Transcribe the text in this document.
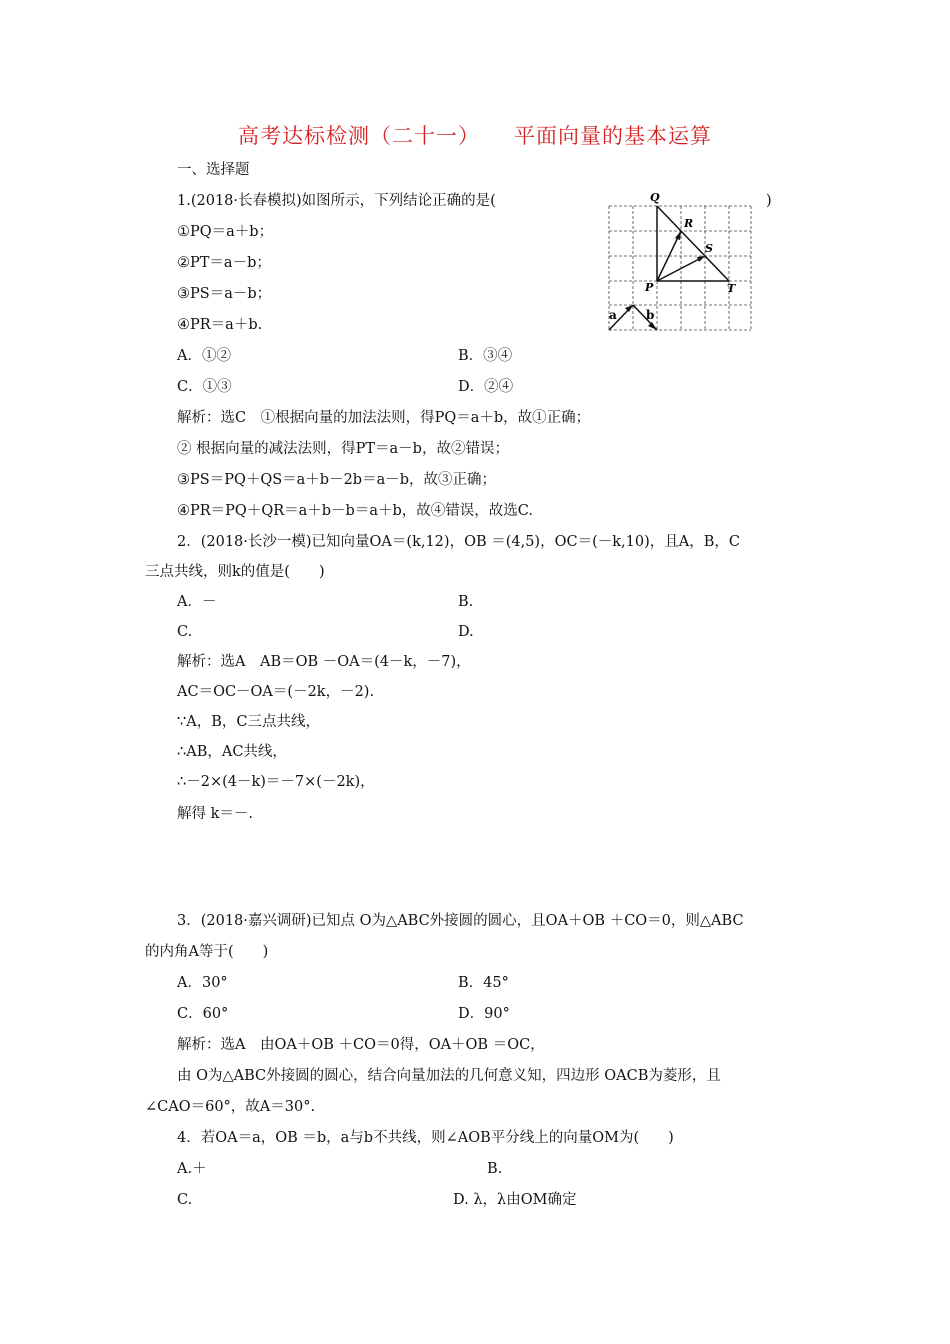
高考达标检测（二十一） 平面向量的基本运算
一、选择题
1.(2018·长春模拟)如图所示，下列结论正确的是(	)
①PQ＝a＋b；
②PT＝a－b；
③PS＝a－b；
④PR＝a＋b.
A．①②	B．③④
C．①③	D．②④
解析：选C　①根据向量的加法法则，得PQ＝a＋b，故①正确；
② 根据向量的减法法则，得PT＝a－b，故②错误；
③PS＝PQ＋QS＝a＋b－2b＝a－b，故③正确；
④PR＝PQ＋QR＝a＋b－b＝a＋b，故④错误，故选C.
Q
R
S
P	T
a b
2．(2018·长沙一模)已知向量OA＝(k,12)，OB ＝(4,5)，OC＝(－k,10)，且A，B，C
三点共线，则k的值是(　　)
A．－	B.
C.	D.
解析：选A　AB＝OB －OA＝(4－k，－7)，
AC＝OC－OA＝(－2k，－2).
∵A，B，C三点共线，
∴AB，AC共线，
∴－2×(4－k)＝－7×(－2k)，
解得 k＝－.
3．(2018·嘉兴调研)已知点 O为△ABC外接圆的圆心，且OA＋OB ＋CO＝0，则△ABC
的内角A等于(　　)
A．30°	B．45°
C．60°	D．90°
解析：选A　由OA＋OB ＋CO＝0得，OA＋OB ＝OC，
由 O为△ABC外接圆的圆心，结合向量加法的几何意义知，四边形 OACB为菱形，且
∠CAO＝60°，故A＝30°.
4．若OA＝a，OB ＝b，a与b不共线，则∠AOB平分线上的向量OM为(　　)
A.＋	B.
C.	D. λ，λ由OM确定
